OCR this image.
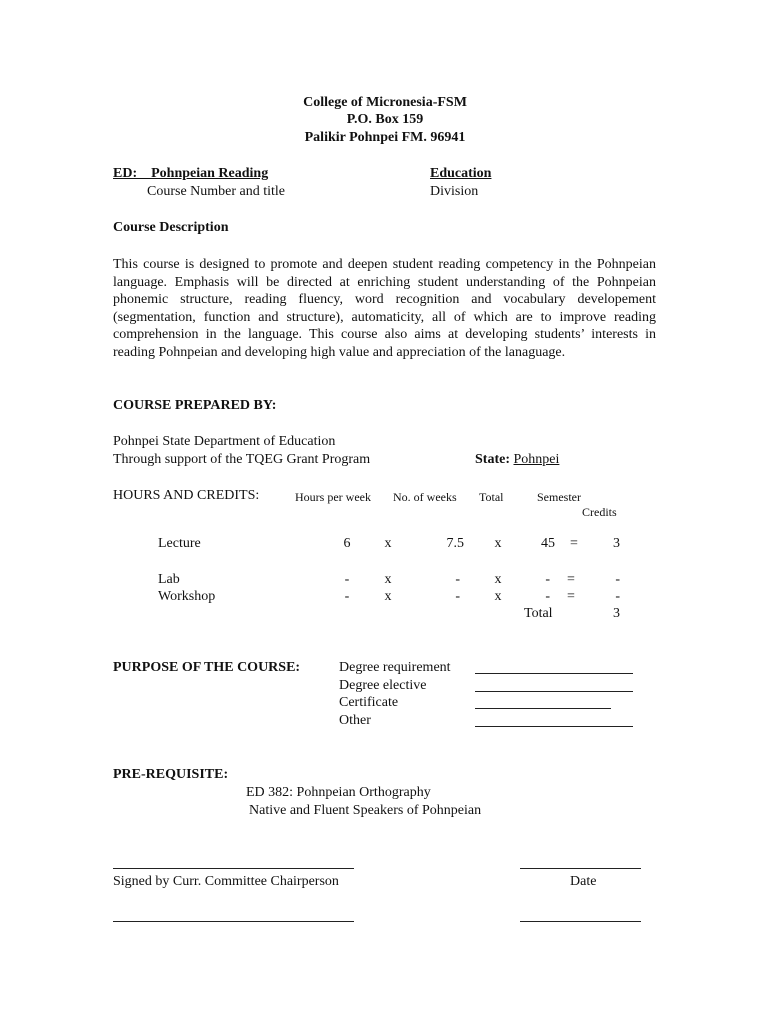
College of Micronesia-FSM
P.O. Box 159
Palikir Pohnpei FM. 96941
ED: _ Pohnpeian Reading
Course Number and title
Education
Division
Course Description
This course is designed to promote and deepen student reading competency in the Pohnpeian language. Emphasis will be directed at enriching student understanding of the Pohnpeian phonemic structure, reading fluency, word recognition and vocabulary developement (segmentation, function and structure), automaticity, all of which are to improve reading comprehension in the language. This course also aims at developing students’ interests in reading Pohnpeian and developing high value and appreciation of the lanaguage.
COURSE PREPARED BY:
Pohnpei State Department of Education
Through support of the TQEG Grant Program	State: Pohnpei
HOURS AND CREDITS:	Hours per week No. of weeks Total	Semester
Credits
Lecture	6	x	7.5	x	45	=	3
Lab	-	x	-	x	-	=	-
Workshop	-	x	-	x	-	=	-
Total	3
PURPOSE OF THE COURSE:	Degree requirement
Degree elective
Certificate
Other
PRE-REQUISITE:
ED 382: Pohnpeian Orthography
Native and Fluent Speakers of Pohnpeian
Signed by Curr. Committee Chairperson	Date
